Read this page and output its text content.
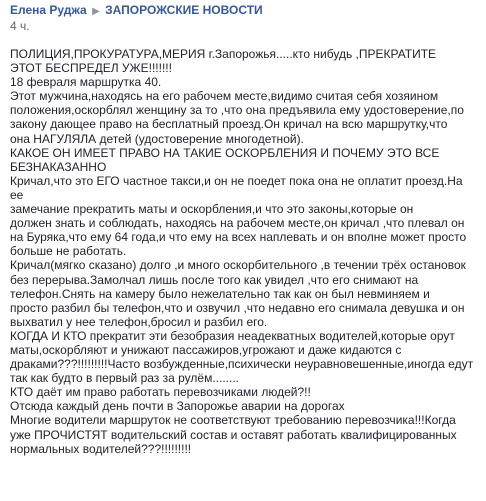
Елена Руджа ▶ ЗАПОРОЖСКИЕ НОВОСТИ
4 ч.

ПОЛИЦИЯ,ПРОКУРАТУРА,МЕРИЯ г.Запорожья.....кто нибудь ,ПРЕКРАТИТЕ

ЭТОТ БЕСПРЕДЕЛ УЖЕ!!!!!!!

18 февраля маршрутка 40.

Этот мужчина,находясь на его рабочем месте,видимо считая себя хозяином

положения,оскорблял женщину за то ,что она предъявила ему удостоверение,по

закону дающее право на бесплатный проезд.Он кричал на всю маршрутку,что

она НАГУЛЯЛА детей (удостоверение многодетной).

КАКОЕ ОН ИМЕЕТ ПРАВО НА ТАКИЕ ОСКОРБЛЕНИЯ И ПОЧЕМУ ЭТО ВСЕ

БЕЗНАКАЗАННО

Кричал,что это ЕГО частное такси,и он не поедет пока она не оплатит проезд.На ее

замечание прекратить маты и оскорбления,и что это законы,которые он

должен знать и соблюдать, находясь на рабочем месте,он кричал ,что плевал он

на Буряка,что ему 64 года,и что ему на всех наплевать и он вполне может просто

больше не работать.

Кричал(мягко сказано) долго ,и много оскорбительного ,в течении трёх остановок

без перерыва.Замолчал лишь после того как увидел ,что его снимают на

телефон.Снять на камеру было нежелательно так как он был невминяем и

просто разбил бы телефон,что и озвучил ,что недавно его снимала девушка и он

выхватил у нее телефон,бросил и разбил его.

КОГДА И КТО прекратит эти безобразия неадекватных водителей,которые орут

маты,оскорбляют и унижают пассажиров,угрожают и даже кидаются с

драками???!!!!!!!!!Часто возбужденные,психически неуравновешенные,иногда едут

так как будто в первый раз за рулём........

КТО даёт им право работать перевозчиками людей?!!

Отсюда каждый день почти в Запорожье аварии на дорогах

Многие водители маршруток не соответствуют требованию перевозчика!!!Когда

уже ПРОЧИСТЯТ водительский состав и оставят работать квалифицированных

нормальных водителей???!!!!!!!!!
